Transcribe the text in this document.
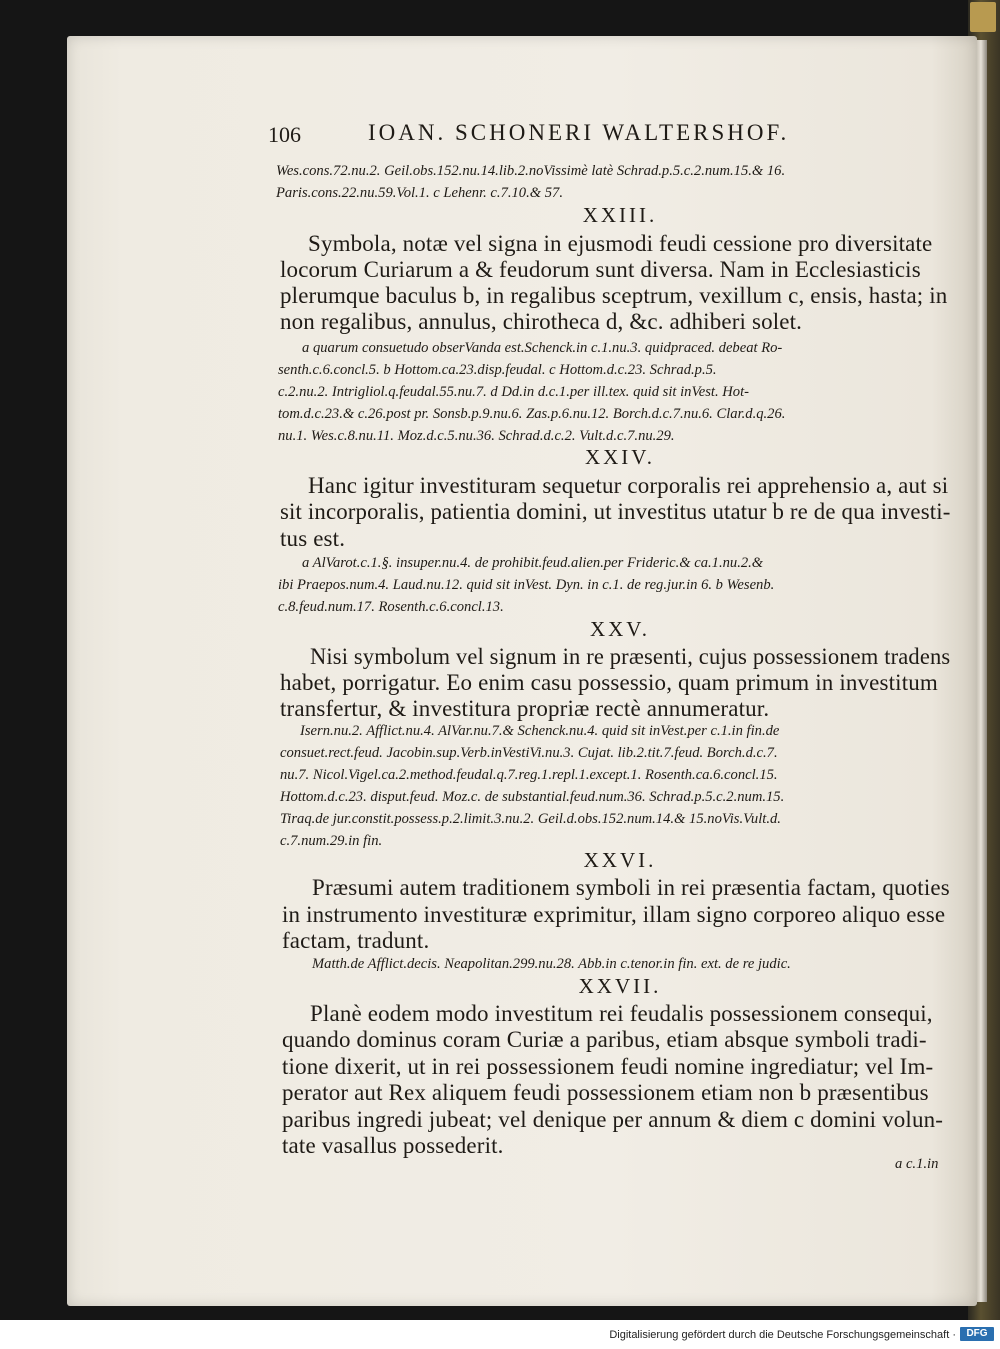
106	IOAN. SCHONERI WALTERSHOF.
Wes.cons.72.nu.2. Geil.obs.152.nu.14.lib.2.noVissimè latè Schrad.p.5.c.2.num.15.& 16.
Paris.cons.22.nu.59.Vol.1. c Lehenr. c.7.10.& 57.
XXIII.
Symbola, notæ vel signa in ejusmodi feudi cessione pro diversitate
locorum Curiarum a & feudorum sunt diversa. Nam in Ecclesiasticis
plerumque baculus b, in regalibus sceptrum, vexillum c, ensis, hasta; in
non regalibus, annulus, chirotheca d, &c. adhiberi solet.
a quarum consuetudo obserVanda est.Schenck.in c.1.nu.3. quidpraced. debeat Ro-
senth.c.6.concl.5. b Hottom.ca.23.disp.feudal. c Hottom.d.c.23. Schrad.p.5.
c.2.nu.2. Intrigliol.q.feudal.55.nu.7. d Dd.in d.c.1.per ill.tex. quid sit inVest. Hot-
tom.d.c.23.& c.26.post pr. Sonsb.p.9.nu.6. Zas.p.6.nu.12. Borch.d.c.7.nu.6. Clar.d.q.26.
nu.1. Wes.c.8.nu.11. Moz.d.c.5.nu.36. Schrad.d.c.2. Vult.d.c.7.nu.29.
XXIV.
Hanc igitur investituram sequetur corporalis rei apprehensio a, aut si
sit incorporalis, patientia domini, ut investitus utatur b re de qua investi-
tus est.
a AlVarot.c.1.§. insuper.nu.4. de prohibit.feud.alien.per Frideric.& ca.1.nu.2.&
ibi Praepos.num.4. Laud.nu.12. quid sit inVest. Dyn. in c.1. de reg.jur.in 6. b Wesenb.
c.8.feud.num.17. Rosenth.c.6.concl.13.
XXV.
Nisi symbolum vel signum in re præsenti, cujus possessionem tradens
habet, porrigatur. Eo enim casu possessio, quam primum in investitum
transfertur, & investitura propriæ rectè annumeratur.
Isern.nu.2. Afflict.nu.4. AlVar.nu.7.& Schenck.nu.4. quid sit inVest.per c.1.in fin.de
consuet.rect.feud. Jacobin.sup.Verb.inVestiVi.nu.3. Cujat. lib.2.tit.7.feud. Borch.d.c.7.
nu.7. Nicol.Vigel.ca.2.method.feudal.q.7.reg.1.repl.1.except.1. Rosenth.ca.6.concl.15.
Hottom.d.c.23. disput.feud. Moz.c. de substantial.feud.num.36. Schrad.p.5.c.2.num.15.
Tiraq.de jur.constit.possess.p.2.limit.3.nu.2. Geil.d.obs.152.num.14.& 15.noVis.Vult.d.
c.7.num.29.in fin.
XXVI.
Præsumi autem traditionem symboli in rei præsentia factam, quoties
in instrumento investituræ exprimitur, illam signo corporeo aliquo esse
factam, tradunt.
Matth.de Afflict.decis. Neapolitan.299.nu.28. Abb.in c.tenor.in fin. ext. de re judic.
XXVII.
Planè eodem modo investitum rei feudalis possessionem consequi,
quando dominus coram Curiæ a paribus, etiam absque symboli tradi-
tione dixerit, ut in rei possessionem feudi nomine ingrediatur; vel Im-
perator aut Rex aliquem feudi possessionem etiam non b præsentibus
paribus ingredi jubeat; vel denique per annum & diem c domini volun-
tate vasallus possederit.
a c.1.in
Digitalisierung gefördert durch die Deutsche Forschungsgemeinschaft ·	DFG
